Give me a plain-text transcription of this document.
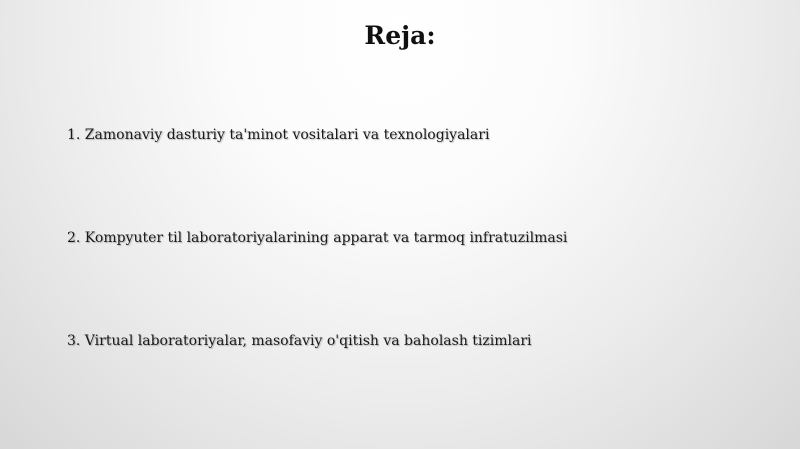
Reja:
1. Zamonaviy dasturiy ta'minot vositalari va texnologiyalari
2. Kompyuter til laboratoriyalarining apparat va tarmoq infratuzilmasi
3. Virtual laboratoriyalar, masofaviy o'qitish va baholash tizimlari
